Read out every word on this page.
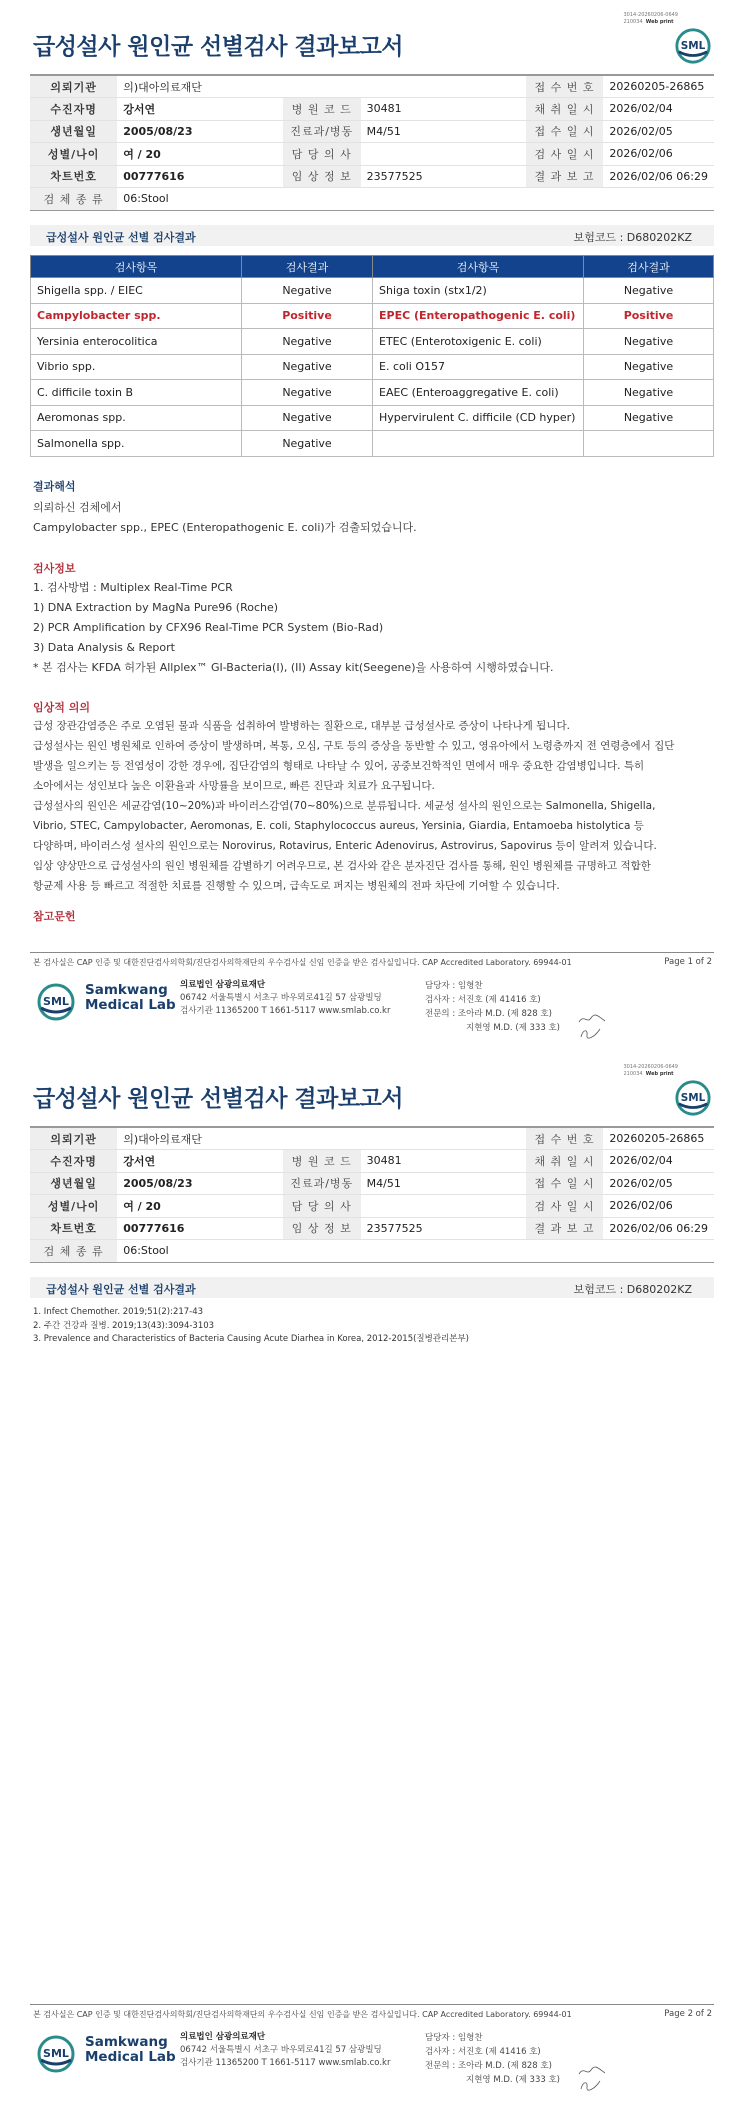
3014-20260206-0649
210034 Web print
급성설사 원인균 선별검사 결과보고서	SML
의뢰기관	의)대아의료재단			접 수 번 호	20260205-26865
수진자명	강서연	병 원 코 드	30481	채 취 일 시	2026/02/04
생년월일	2005/08/23	진료과/병동	M4/51	접 수 일 시	2026/02/05
성별/나이	여 / 20	담 당 의 사		검 사 일 시	2026/02/06
차트번호	00777616	임 상 정 보	23577525	결 과 보 고	2026/02/06 06:29
검 체 종 류	06:Stool				
급성설사 원인균 선별 검사결과	보험코드 : D680202KZ
검사항목	검사결과	검사항목	검사결과
Shigella spp. / EIEC	Negative	Shiga toxin (stx1/2)	Negative
Campylobacter spp.	Positive	EPEC (Enteropathogenic E. coli)	Positive
Yersinia enterocolitica	Negative	ETEC (Enterotoxigenic E. coli)	Negative
Vibrio spp.	Negative	E. coli O157	Negative
C. difficile toxin B	Negative	EAEC (Enteroaggregative E. coli)	Negative
Aeromonas spp.	Negative	Hypervirulent C. difficile (CD hyper)	Negative
Salmonella spp.	Negative		
결과해석
의뢰하신 검체에서
Campylobacter spp., EPEC (Enteropathogenic E. coli)가 검출되었습니다.
검사정보
1. 검사방법 : Multiplex Real-Time PCR
1) DNA Extraction by MagNa Pure96 (Roche)
2) PCR Amplification by CFX96 Real-Time PCR System (Bio-Rad)
3) Data Analysis & Report
* 본 검사는 KFDA 허가된 Allplex™ GI-Bacteria(I), (II) Assay kit(Seegene)을 사용하여 시행하였습니다.
임상적 의의
급성 장관감염증은 주로 오염된 물과 식품을 섭취하여 발병하는 질환으로, 대부분 급성설사로 증상이 나타나게 됩니다.
급성설사는 원인 병원체로 인하여 증상이 발생하며, 복통, 오심, 구토 등의 증상을 동반할 수 있고, 영유아에서 노령층까지 전 연령층에서 집단
발생을 일으키는 등 전염성이 강한 경우에, 집단감염의 형태로 나타날 수 있어, 공중보건학적인 면에서 매우 중요한 감염병입니다. 특히
소아에서는 성인보다 높은 이환율과 사망률을 보이므로, 빠른 진단과 치료가 요구됩니다.
급성설사의 원인은 세균감염(10~20%)과 바이러스감염(70~80%)으로 분류됩니다. 세균성 설사의 원인으로는 Salmonella, Shigella,
Vibrio, STEC, Campylobacter, Aeromonas, E. coli, Staphylococcus aureus, Yersinia, Giardia, Entamoeba histolytica 등
다양하며, 바이러스성 설사의 원인으로는 Norovirus, Rotavirus, Enteric Adenovirus, Astrovirus, Sapovirus 등이 알려져 있습니다.
임상 양상만으로 급성설사의 원인 병원체를 감별하기 어려우므로, 본 검사와 같은 분자진단 검사를 통해, 원인 병원체를 규명하고 적합한
항균제 사용 등 빠르고 적절한 치료를 진행할 수 있으며, 급속도로 퍼지는 병원체의 전파 차단에 기여할 수 있습니다.
참고문헌
본 검사실은 CAP 인증 및 대한진단검사의학회/진단검사의학재단의 우수검사실 신임 인증을 받은 검사실입니다. CAP Accredited Laboratory. 69944-01	Page 1 of 2
SML
Samkwang
Medical Lab
의료법인 삼광의료재단
06742 서울특별시 서초구 바우뫼로41길 57 삼광빌딩
검사기관 11365200 T 1661-5117 www.smlab.co.kr
담당자 : 임형찬
검사자 : 서진호 (제 41416 호)
전문의 : 조아라 M.D. (제 828 호)
지현영 M.D. (제 333 호)
3014-20260206-0649
210034 Web print
급성설사 원인균 선별검사 결과보고서	SML
의뢰기관	의)대아의료재단			접 수 번 호	20260205-26865
수진자명	강서연	병 원 코 드	30481	채 취 일 시	2026/02/04
생년월일	2005/08/23	진료과/병동	M4/51	접 수 일 시	2026/02/05
성별/나이	여 / 20	담 당 의 사		검 사 일 시	2026/02/06
차트번호	00777616	임 상 정 보	23577525	결 과 보 고	2026/02/06 06:29
검 체 종 류	06:Stool				
급성설사 원인균 선별 검사결과	보험코드 : D680202KZ
1. Infect Chemother. 2019;51(2):217-43
2. 주간 건강과 질병. 2019;13(43):3094-3103
3. Prevalence and Characteristics of Bacteria Causing Acute Diarhea in Korea, 2012-2015(질병관리본부)
본 검사실은 CAP 인증 및 대한진단검사의학회/진단검사의학재단의 우수검사실 신임 인증을 받은 검사실입니다. CAP Accredited Laboratory. 69944-01	Page 2 of 2
SML
Samkwang
Medical Lab
의료법인 삼광의료재단
06742 서울특별시 서초구 바우뫼로41길 57 삼광빌딩
검사기관 11365200 T 1661-5117 www.smlab.co.kr
담당자 : 임형찬
검사자 : 서진호 (제 41416 호)
전문의 : 조아라 M.D. (제 828 호)
지현영 M.D. (제 333 호)
